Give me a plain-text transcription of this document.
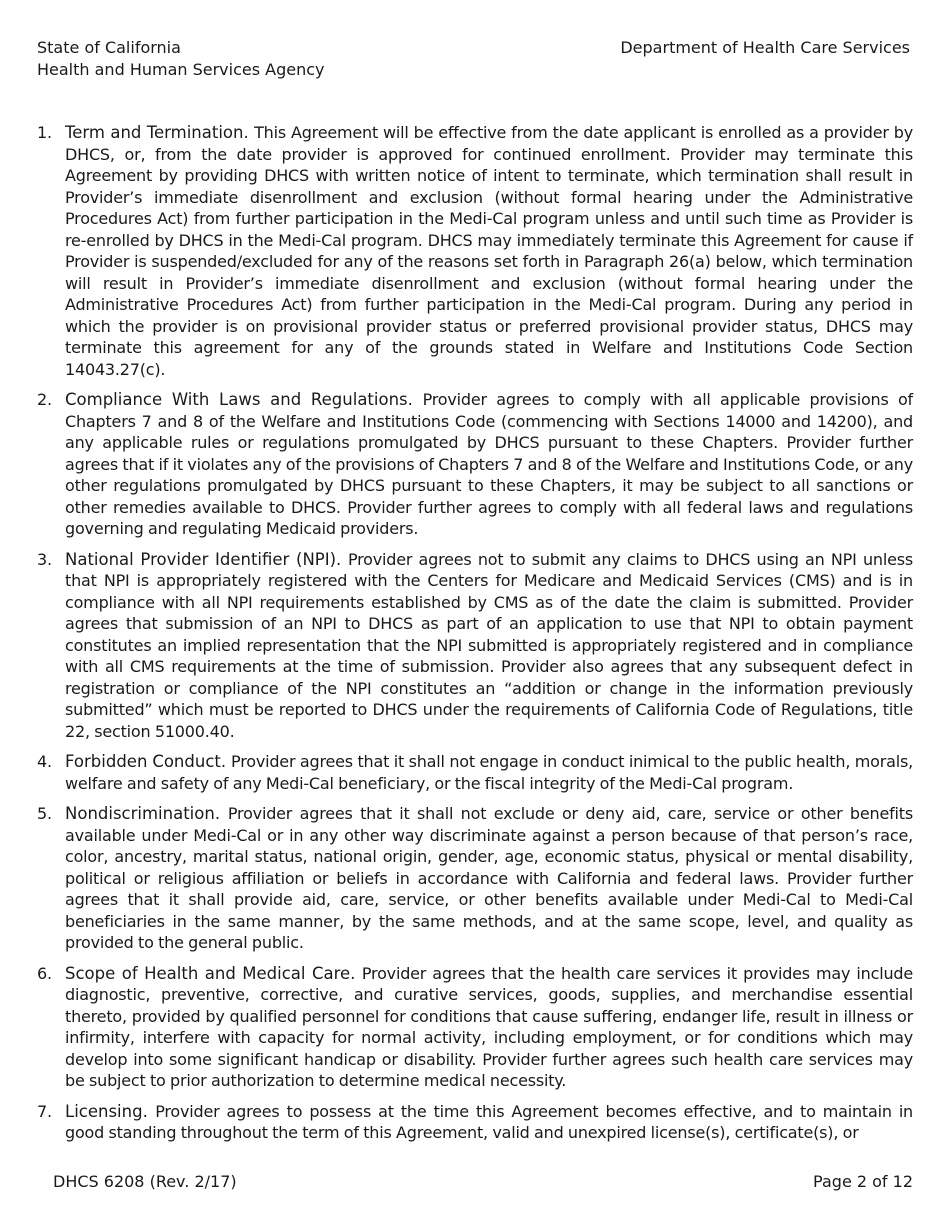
State of California
Health and Human Services Agency
Department of Health Care Services
1. Term and Termination. This Agreement will be effective from the date applicant is enrolled as a provider by DHCS, or, from the date provider is approved for continued enrollment. Provider may terminate this Agreement by providing DHCS with written notice of intent to terminate, which termination shall result in Provider’s immediate disenrollment and exclusion (without formal hearing under the Administrative Procedures Act) from further participation in the Medi-Cal program unless and until such time as Provider is re-enrolled by DHCS in the Medi-Cal program. DHCS may immediately terminate this Agreement for cause if Provider is suspended/excluded for any of the reasons set forth in Paragraph 26(a) below, which termination will result in Provider’s immediate disenrollment and exclusion (without formal hearing under the Administrative Procedures Act) from further participation in the Medi-Cal program. During any period in which the provider is on provisional provider status or preferred provisional provider status, DHCS may terminate this agreement for any of the grounds stated in Welfare and Institutions Code Section 14043.27(c).
2. Compliance With Laws and Regulations. Provider agrees to comply with all applicable provisions of Chapters 7 and 8 of the Welfare and Institutions Code (commencing with Sections 14000 and 14200), and any applicable rules or regulations promulgated by DHCS pursuant to these Chapters. Provider further agrees that if it violates any of the provisions of Chapters 7 and 8 of the Welfare and Institutions Code, or any other regulations promulgated by DHCS pursuant to these Chapters, it may be subject to all sanctions or other remedies available to DHCS. Provider further agrees to comply with all federal laws and regulations governing and regulating Medicaid providers.
3. National Provider Identifier (NPI). Provider agrees not to submit any claims to DHCS using an NPI unless that NPI is appropriately registered with the Centers for Medicare and Medicaid Services (CMS) and is in compliance with all NPI requirements established by CMS as of the date the claim is submitted. Provider agrees that submission of an NPI to DHCS as part of an application to use that NPI to obtain payment constitutes an implied representation that the NPI submitted is appropriately registered and in compliance with all CMS requirements at the time of submission. Provider also agrees that any subsequent defect in registration or compliance of the NPI constitutes an “addition or change in the information previously submitted” which must be reported to DHCS under the requirements of California Code of Regulations, title 22, section 51000.40.
4. Forbidden Conduct. Provider agrees that it shall not engage in conduct inimical to the public health, morals, welfare and safety of any Medi-Cal beneficiary, or the fiscal integrity of the Medi-Cal program.
5. Nondiscrimination. Provider agrees that it shall not exclude or deny aid, care, service or other benefits available under Medi-Cal or in any other way discriminate against a person because of that person’s race, color, ancestry, marital status, national origin, gender, age, economic status, physical or mental disability, political or religious affiliation or beliefs in accordance with California and federal laws. Provider further agrees that it shall provide aid, care, service, or other benefits available under Medi-Cal to Medi-Cal beneficiaries in the same manner, by the same methods, and at the same scope, level, and quality as provided to the general public.
6. Scope of Health and Medical Care. Provider agrees that the health care services it provides may include diagnostic, preventive, corrective, and curative services, goods, supplies, and merchandise essential thereto, provided by qualified personnel for conditions that cause suffering, endanger life, result in illness or infirmity, interfere with capacity for normal activity, including employment, or for conditions which may develop into some significant handicap or disability. Provider further agrees such health care services may be subject to prior authorization to determine medical necessity.
7. Licensing. Provider agrees to possess at the time this Agreement becomes effective, and to maintain in good standing throughout the term of this Agreement, valid and unexpired license(s), certificate(s), or
DHCS 6208 (Rev. 2/17)	Page 2 of 12
